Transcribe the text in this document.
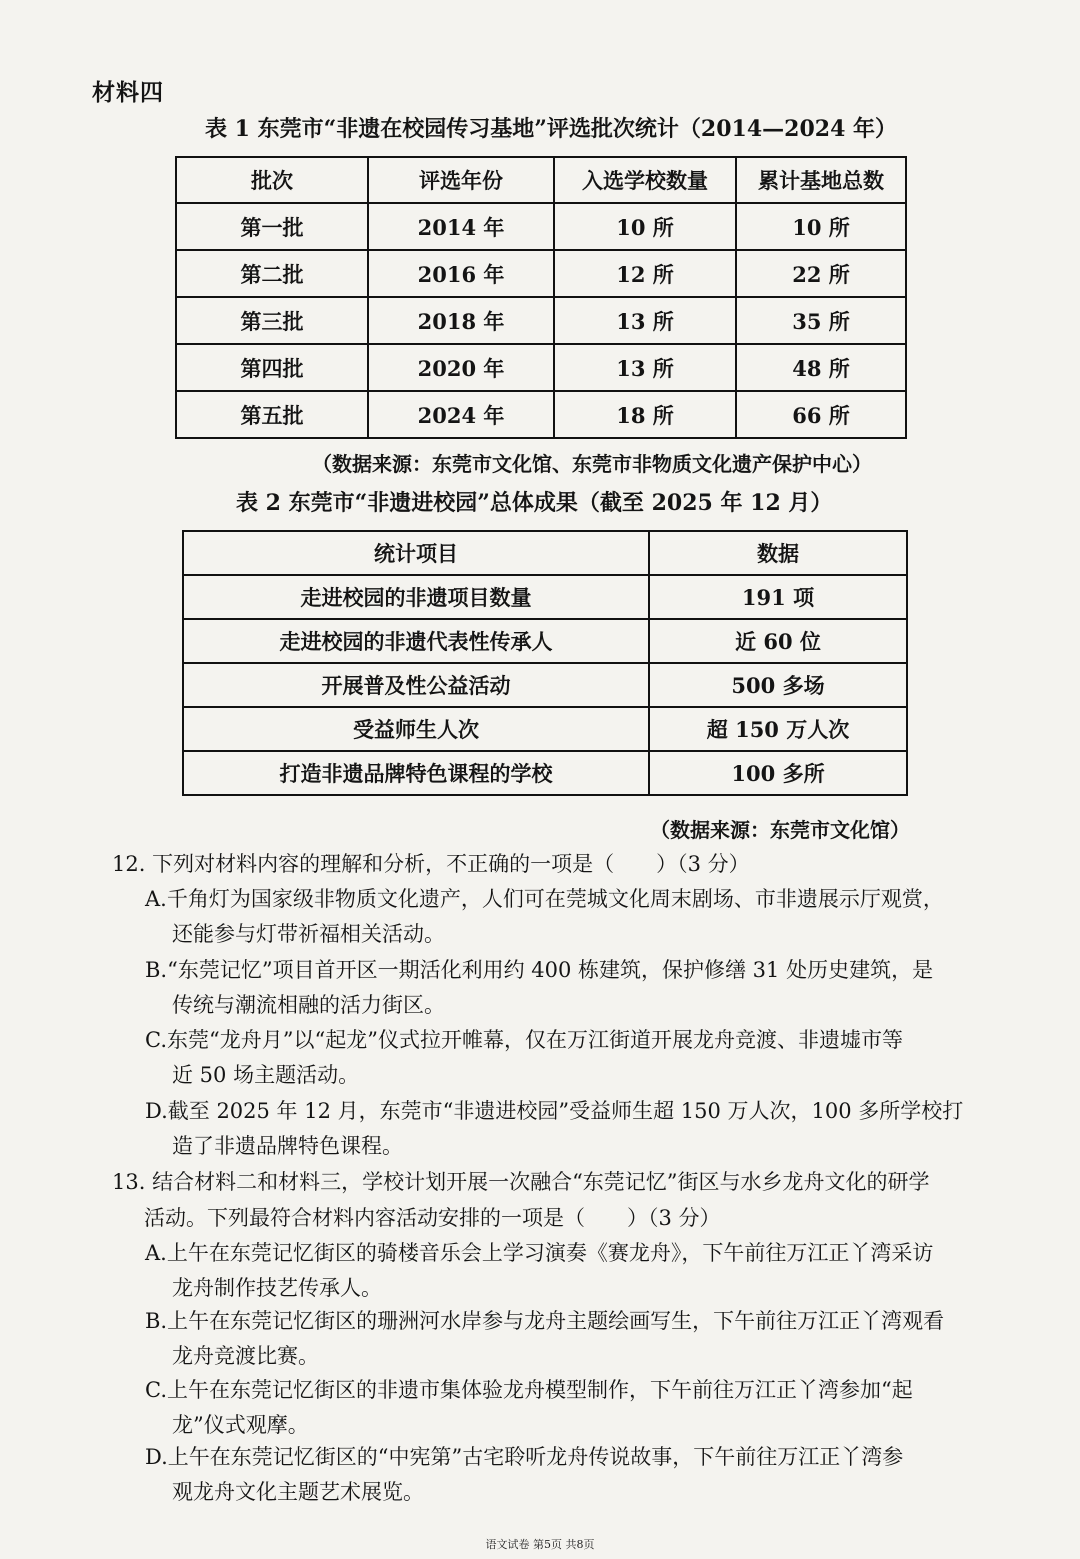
材料四
表 1 东莞市“非遗在校园传习基地”评选批次统计（2014—2024 年）
批次	评选年份	入选学校数量	累计基地总数
第一批	2014 年	10 所	10 所
第二批	2016 年	12 所	22 所
第三批	2018 年	13 所	35 所
第四批	2020 年	13 所	48 所
第五批	2024 年	18 所	66 所
（数据来源：东莞市文化馆、东莞市非物质文化遗产保护中心）
表 2 东莞市“非遗进校园”总体成果（截至 2025 年 12 月）
统计项目	数据
走进校园的非遗项目数量	191 项
走进校园的非遗代表性传承人	近 60 位
开展普及性公益活动	500 多场
受益师生人次	超 150 万人次
打造非遗品牌特色课程的学校	100 多所
（数据来源：东莞市文化馆）
12. 下列对材料内容的理解和分析，不正确的一项是（　　）（3 分）
A.千角灯为国家级非物质文化遗产，人们可在莞城文化周末剧场、市非遗展示厅观赏，
还能参与灯带祈福相关活动。
B.“东莞记忆”项目首开区一期活化利用约 400 栋建筑，保护修缮 31 处历史建筑，是
传统与潮流相融的活力街区。
C.东莞“龙舟月”以“起龙”仪式拉开帷幕，仅在万江街道开展龙舟竞渡、非遗墟市等
近 50 场主题活动。
D.截至 2025 年 12 月，东莞市“非遗进校园”受益师生超 150 万人次，100 多所学校打
造了非遗品牌特色课程。
13. 结合材料二和材料三，学校计划开展一次融合“东莞记忆”街区与水乡龙舟文化的研学
活动。下列最符合材料内容活动安排的一项是（　　）（3 分）
A.上午在东莞记忆街区的骑楼音乐会上学习演奏《赛龙舟》，下午前往万江正丫湾采访
龙舟制作技艺传承人。
B.上午在东莞记忆街区的珊洲河水岸参与龙舟主题绘画写生，下午前往万江正丫湾观看
龙舟竞渡比赛。
C.上午在东莞记忆街区的非遗市集体验龙舟模型制作，下午前往万江正丫湾参加“起
龙”仪式观摩。
D.上午在东莞记忆街区的“中宪第”古宅聆听龙舟传说故事，下午前往万江正丫湾参
观龙舟文化主题艺术展览。
语文试卷 第5页 共8页
